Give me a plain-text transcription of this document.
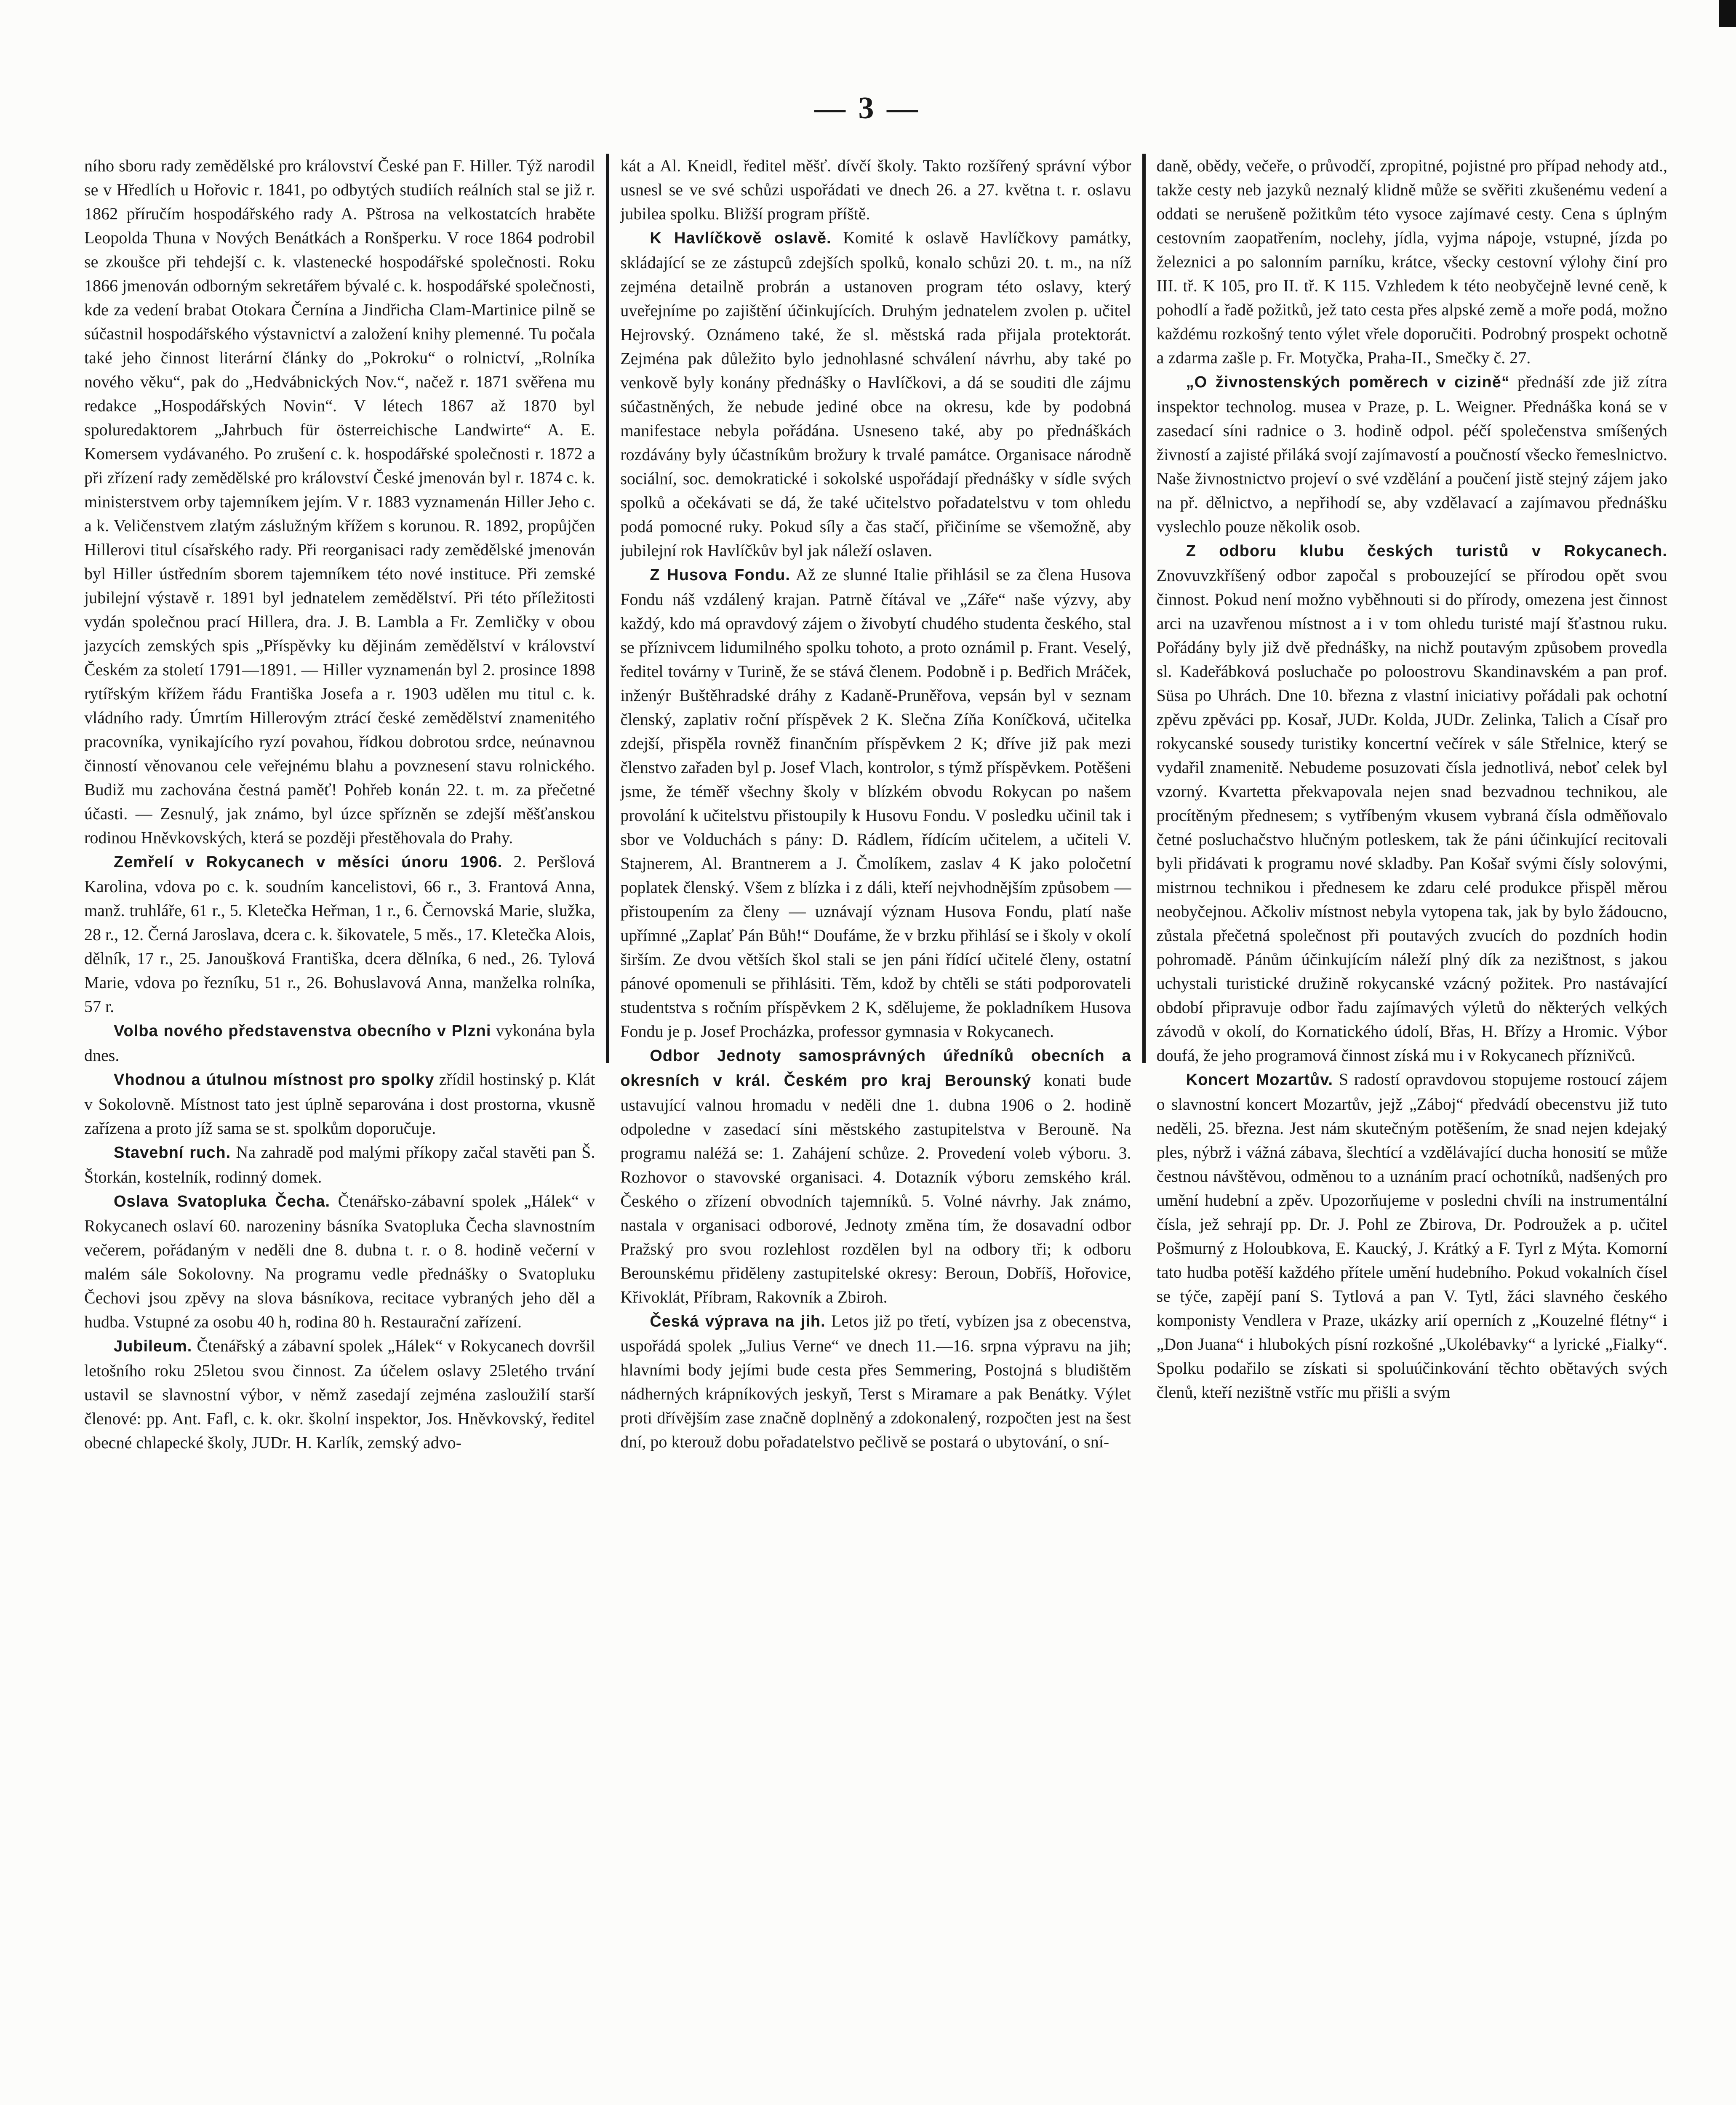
— 3 —

ního sboru rady zemědělské pro království České pan F. Hiller. Týž narodil se v Hředlích u Hořovic r. 1841, po odbytých studiích reálních stal se již r. 1862 příručím hospodářského rady A. Pštrosa na velkostatcích hraběte Leopolda Thuna v Nových Benátkách a Ronšperku. V roce 1864 podrobil se zkoušce při tehdejší c. k. vlastenecké hospodářské společnosti. Roku 1866 jmenován odborným sekretářem bývalé c. k. hospodářské společnosti, kde za vedení brabat Otokara Černína a Jindřicha Clam-Martinice pilně se súčastnil hospodářského výstavnictví a založení knihy plemenné. Tu počala také jeho činnost literární články do „Pokroku“ o rolnictví, „Rolníka nového věku“, pak do „Hedvábnických Nov.“, načež r. 1871 svěřena mu redakce „Hospodářských Novin“. V létech 1867 až 1870 byl spoluredaktorem „Jahrbuch für österreichische Landwirte“ A. E. Komersem vydávaného. Po zrušení c. k. hospodářské společnosti r. 1872 a při zřízení rady zemědělské pro království České jmenován byl r. 1874 c. k. ministerstvem orby tajemníkem jejím. V r. 1883 vyznamenán Hiller Jeho c. a k. Veličenstvem zlatým záslužným křížem s korunou. R. 1892, propůjčen Hillerovi titul císařského rady. Při reorganisaci rady zemědělské jmenován byl Hiller ústředním sborem tajemníkem této nové instituce. Při zemské jubilejní výstavě r. 1891 byl jednatelem zemědělství. Při této příležitosti vydán společnou prací Hillera, dra. J. B. Lambla a Fr. Zemličky v obou jazycích zemských spis „Příspěvky ku dějinám zemědělství v království Českém za století 1791—1891. — Hiller vyznamenán byl 2. prosince 1898 rytířským křížem řádu Františka Josefa a r. 1903 udělen mu titul c. k. vládního rady. Úmrtím Hillerovým ztrácí české zemědělství znamenitého pracovníka, vynikajícího ryzí povahou, řídkou dobrotou srdce, neúnavnou činností věnovanou cele veřejnému blahu a povznesení stavu rolnického. Budiž mu zachována čestná paměť! Pohřeb konán 22. t. m. za přečetné účasti. — Zesnulý, jak známo, byl úzce spřízněn se zdejší měšťanskou rodinou Hněvkovských, která se později přestěhovala do Prahy.

Zemřelí v Rokycanech v měsíci únoru 1906. 2. Peršlová Karolina, vdova po c. k. soudním kancelistovi, 66 r., 3. Frantová Anna, manž. truhláře, 61 r., 5. Kletečka Heřman, 1 r., 6. Černovská Marie, služka, 28 r., 12. Černá Jaroslava, dcera c. k. šikovatele, 5 měs., 17. Kletečka Alois, dělník, 17 r., 25. Janoušková Františka, dcera dělníka, 6 ned., 26. Tylová Marie, vdova po řezníku, 51 r., 26. Bohuslavová Anna, manželka rolníka, 57 r.

Volba nového představenstva obecního v Plzni vykonána byla dnes.

Vhodnou a útulnou místnost pro spolky zřídil hostinský p. Klát v Sokolovně. Místnost tato jest úplně separována i dost prostorna, vkusně zařízena a proto jíž sama se st. spolkům doporučuje.

Stavební ruch. Na zahradě pod malými příkopy začal stavěti pan Š. Štorkán, kostelník, rodinný domek.

Oslava Svatopluka Čecha. Čtenářsko-zábavní spolek „Hálek“ v Rokycanech oslaví 60. narozeniny básníka Svatopluka Čecha slavnostním večerem, pořádaným v neděli dne 8. dubna t. r. o 8. hodině večerní v malém sále Sokolovny. Na programu vedle přednášky o Svatopluku Čechovi jsou zpěvy na slova básníkova, recitace vybraných jeho děl a hudba. Vstupné za osobu 40 h, rodina 80 h. Restaurační zařízení.

Jubileum. Čtenářský a zábavní spolek „Hálek“ v Rokycanech dovršil letošního roku 25letou svou činnost. Za účelem oslavy 25letého trvání ustavil se slavnostní výbor, v němž zasedají zejména zasloužilí starší členové: pp. Ant. Fafl, c. k. okr. školní inspektor, Jos. Hněvkovský, ředitel obecné chlapecké školy, JUDr. H. Karlík, zemský advo-

kát a Al. Kneidl, ředitel měšť. dívčí školy. Takto rozšířený správní výbor usnesl se ve své schůzi uspořádati ve dnech 26. a 27. května t. r. oslavu jubilea spolku. Bližší program příště.

K Havlíčkově oslavě. Komité k oslavě Havlíčkovy památky, skládající se ze zástupců zdejších spolků, konalo schůzi 20. t. m., na níž zejména detailně probrán a ustanoven program této oslavy, který uveřejníme po zajištění účinkujících. Druhým jednatelem zvolen p. učitel Hejrovský. Oznámeno také, že sl. městská rada přijala protektorát. Zejména pak důležito bylo jednohlasné schválení návrhu, aby také po venkově byly konány přednášky o Havlíčkovi, a dá se souditi dle zájmu súčastněných, že nebude jediné obce na okresu, kde by podobná manifestace nebyla pořádána. Usneseno také, aby po přednáškách rozdávány byly účastníkům brožury k trvalé památce. Organisace národně sociální, soc. demokratické i sokolské uspořádají přednášky v sídle svých spolků a očekávati se dá, že také učitelstvo pořadatelstvu v tom ohledu podá pomocné ruky. Pokud síly a čas stačí, přičiníme se všemožně, aby jubilejní rok Havlíčkův byl jak náleží oslaven.

Z Husova Fondu. Až ze slunné Italie přihlásil se za člena Husova Fondu náš vzdálený krajan. Patrně čítával ve „Záře“ naše výzvy, aby každý, kdo má opravdový zájem o živobytí chudého studenta českého, stal se příznivcem lidumilného spolku tohoto, a proto oznámil p. Frant. Veselý, ředitel továrny v Turině, že se stává členem. Podobně i p. Bedřich Mráček, inženýr Buštěhradské dráhy z Kadaně-Pruněřova, vepsán byl v seznam členský, zaplativ roční příspěvek 2 K. Slečna Zíňa Koníčková, učitelka zdejší, přispěla rovněž finančním příspěvkem 2 K; dříve již pak mezi členstvo zařaden byl p. Josef Vlach, kontrolor, s týmž příspěvkem. Potěšeni jsme, že téměř všechny školy v blízkém obvodu Rokycan po našem provolání k učitelstvu přistoupily k Husovu Fondu. V posledku učinil tak i sbor ve Volduchách s pány: D. Rádlem, řídícím učitelem, a učiteli V. Stajnerem, Al. Brantnerem a J. Čmolíkem, zaslav 4 K jako poločetní poplatek členský. Všem z blízka i z dáli, kteří nejvhodnějším způsobem — přistoupením za členy — uznávají význam Husova Fondu, platí naše upřímné „Zaplať Pán Bůh!“ Doufáme, že v brzku přihlásí se i školy v okolí širším. Ze dvou větších škol stali se jen páni řídící učitelé členy, ostatní pánové opomenuli se přihlásiti. Těm, kdož by chtěli se státi podporovateli studentstva s ročním příspěvkem 2 K, sdělujeme, že pokladníkem Husova Fondu je p. Josef Procházka, professor gymnasia v Rokycanech.

Odbor Jednoty samosprávných úředníků obecních a okresních v král. Českém pro kraj Berounský konati bude ustavující valnou hromadu v neděli dne 1. dubna 1906 o 2. hodině odpoledne v zasedací síni městského zastupitelstva v Berouně. Na programu naléžá se: 1. Zahájení schůze. 2. Provedení voleb výboru. 3. Rozhovor o stavovské organisaci. 4. Dotazník výboru zemského král. Českého o zřízení obvodních tajemníků. 5. Volné návrhy. Jak známo, nastala v organisaci odborové, Jednoty změna tím, že dosavadní odbor Pražský pro svou rozlehlost rozdělen byl na odbory tři; k odboru Berounskému přiděleny zastupitelské okresy: Beroun, Dobříš, Hořovice, Křivoklát, Příbram, Rakovník a Zbiroh.

Česká výprava na jih. Letos již po třetí, vybízen jsa z obecenstva, uspořádá spolek „Julius Verne“ ve dnech 11.—16. srpna výpravu na jih; hlavními body jejími bude cesta přes Semmering, Postojná s bludištěm nádherných krápníkových jeskyň, Terst s Miramare a pak Benátky. Výlet proti dřívějším zase značně doplněný a zdokonalený, rozpočten jest na šest dní, po kterouž dobu pořadatelstvo pečlivě se postará o ubytování, o sní-

daně, obědy, večeře, o průvodčí, zpropitné, pojistné pro případ nehody atd., takže cesty neb jazyků neznalý klidně může se svěřiti zkušenému vedení a oddati se nerušeně požitkům této vysoce zajímavé cesty. Cena s úplným cestovním zaopatřením, noclehy, jídla, vyjma nápoje, vstupné, jízda po železnici a po salonním parníku, krátce, všecky cestovní výlohy činí pro III. tř. K 105, pro II. tř. K 115. Vzhledem k této neobyčejně levné ceně, k pohodlí a řadě požitků, jež tato cesta přes alpské země a moře podá, možno každému rozkošný tento výlet vřele doporučiti. Podrobný prospekt ochotně a zdarma zašle p. Fr. Motyčka, Praha-II., Smečky č. 27.

„O živnostenských poměrech v cizině“ přednáší zde již zítra inspektor technolog. musea v Praze, p. L. Weigner. Přednáška koná se v zasedací síni radnice o 3. hodině odpol. péčí společenstva smíšených živností a zajisté přiláká svojí zajímavostí a poučností všecko řemeslnictvo. Naše živnostnictvo projeví o své vzdělání a poučení jistě stejný zájem jako na př. dělnictvo, a nepřihodí se, aby vzdělavací a zajímavou přednášku vyslechlo pouze několik osob.

Z odboru klubu českých turistů v Rokycanech. Znovuvzkříšený odbor započal s probouzející se přírodou opět svou činnost. Pokud není možno vyběhnouti si do přírody, omezena jest činnost arci na uzavřenou místnost a i v tom ohledu turisté mají šťastnou ruku. Pořádány byly již dvě přednášky, na nichž poutavým způsobem provedla sl. Kadeřábková posluchače po poloostrovu Skandinavském a pan prof. Süsa po Uhrách. Dne 10. března z vlastní iniciativy pořádali pak ochotní zpěvu zpěváci pp. Kosař, JUDr. Kolda, JUDr. Zelinka, Talich a Císař pro rokycanské sousedy turistiky koncertní večírek v sále Střelnice, který se vydařil znamenitě. Nebudeme posuzovati čísla jednotlivá, neboť celek byl vzorný. Kvartetta překvapovala nejen snad bezvadnou technikou, ale procítěným přednesem; s vytříbeným vkusem vybraná čísla odměňovalo četné posluchačstvo hlučným potleskem, tak že páni účinkující recitovali byli přidávati k programu nové skladby. Pan Košař svými čísly solovými, mistrnou technikou i přednesem ke zdaru celé produkce přispěl měrou neobyčejnou. Ačkoliv místnost nebyla vytopena tak, jak by bylo žádoucno, zůstala přečetná společnost při poutavých zvucích do pozdních hodin pohromadě. Pánům účinkujícím náleží plný dík za nezištnost, s jakou uchystali turistické družině rokycanské vzácný požitek. Pro nastávající období připravuje odbor řadu zajímavých výletů do některých velkých závodů v okolí, do Kornatického údolí, Břas, H. Břízy a Hromic. Výbor doufá, že jeho programová činnost získá mu i v Rokycanech přízniv̌ců.

Koncert Mozartův. S radostí opravdovou stopujeme rostoucí zájem o slavnostní koncert Mozartův, jejž „Záboj“ předvádí obecenstvu již tuto neděli, 25. března. Jest nám skutečným potěšením, že snad nejen kdejaký ples, nýbrž i vážná zábava, šlechtící a vzdělávající ducha honosití se může čestnou návštěvou, odměnou to a uznáním prací ochotníků, nadšených pro umění hudební a zpěv. Upozorňujeme v posledni chvíli na instrumentální čísla, jež sehrají pp. Dr. J. Pohl ze Zbirova, Dr. Podroužek a p. učitel Pošmurný z Holoubkova, E. Kaucký, J. Krátký a F. Tyrl z Mýta. Komorní tato hudba potěší každého přítele umění hudebního. Pokud vokalních čísel se týče, zapějí paní S. Tytlová a pan V. Tytl, žáci slavného českého komponisty Vendlera v Praze, ukázky arií operních z „Kouzelné flétny“ i „Don Juana“ i hlubokých písní rozkošné „Ukolébavky“ a lyrické „Fialky“. Spolku podařilo se získati si spoluúčinkování těchto obětavých svých členů, kteří nezištně vstříc mu přišli a svým
